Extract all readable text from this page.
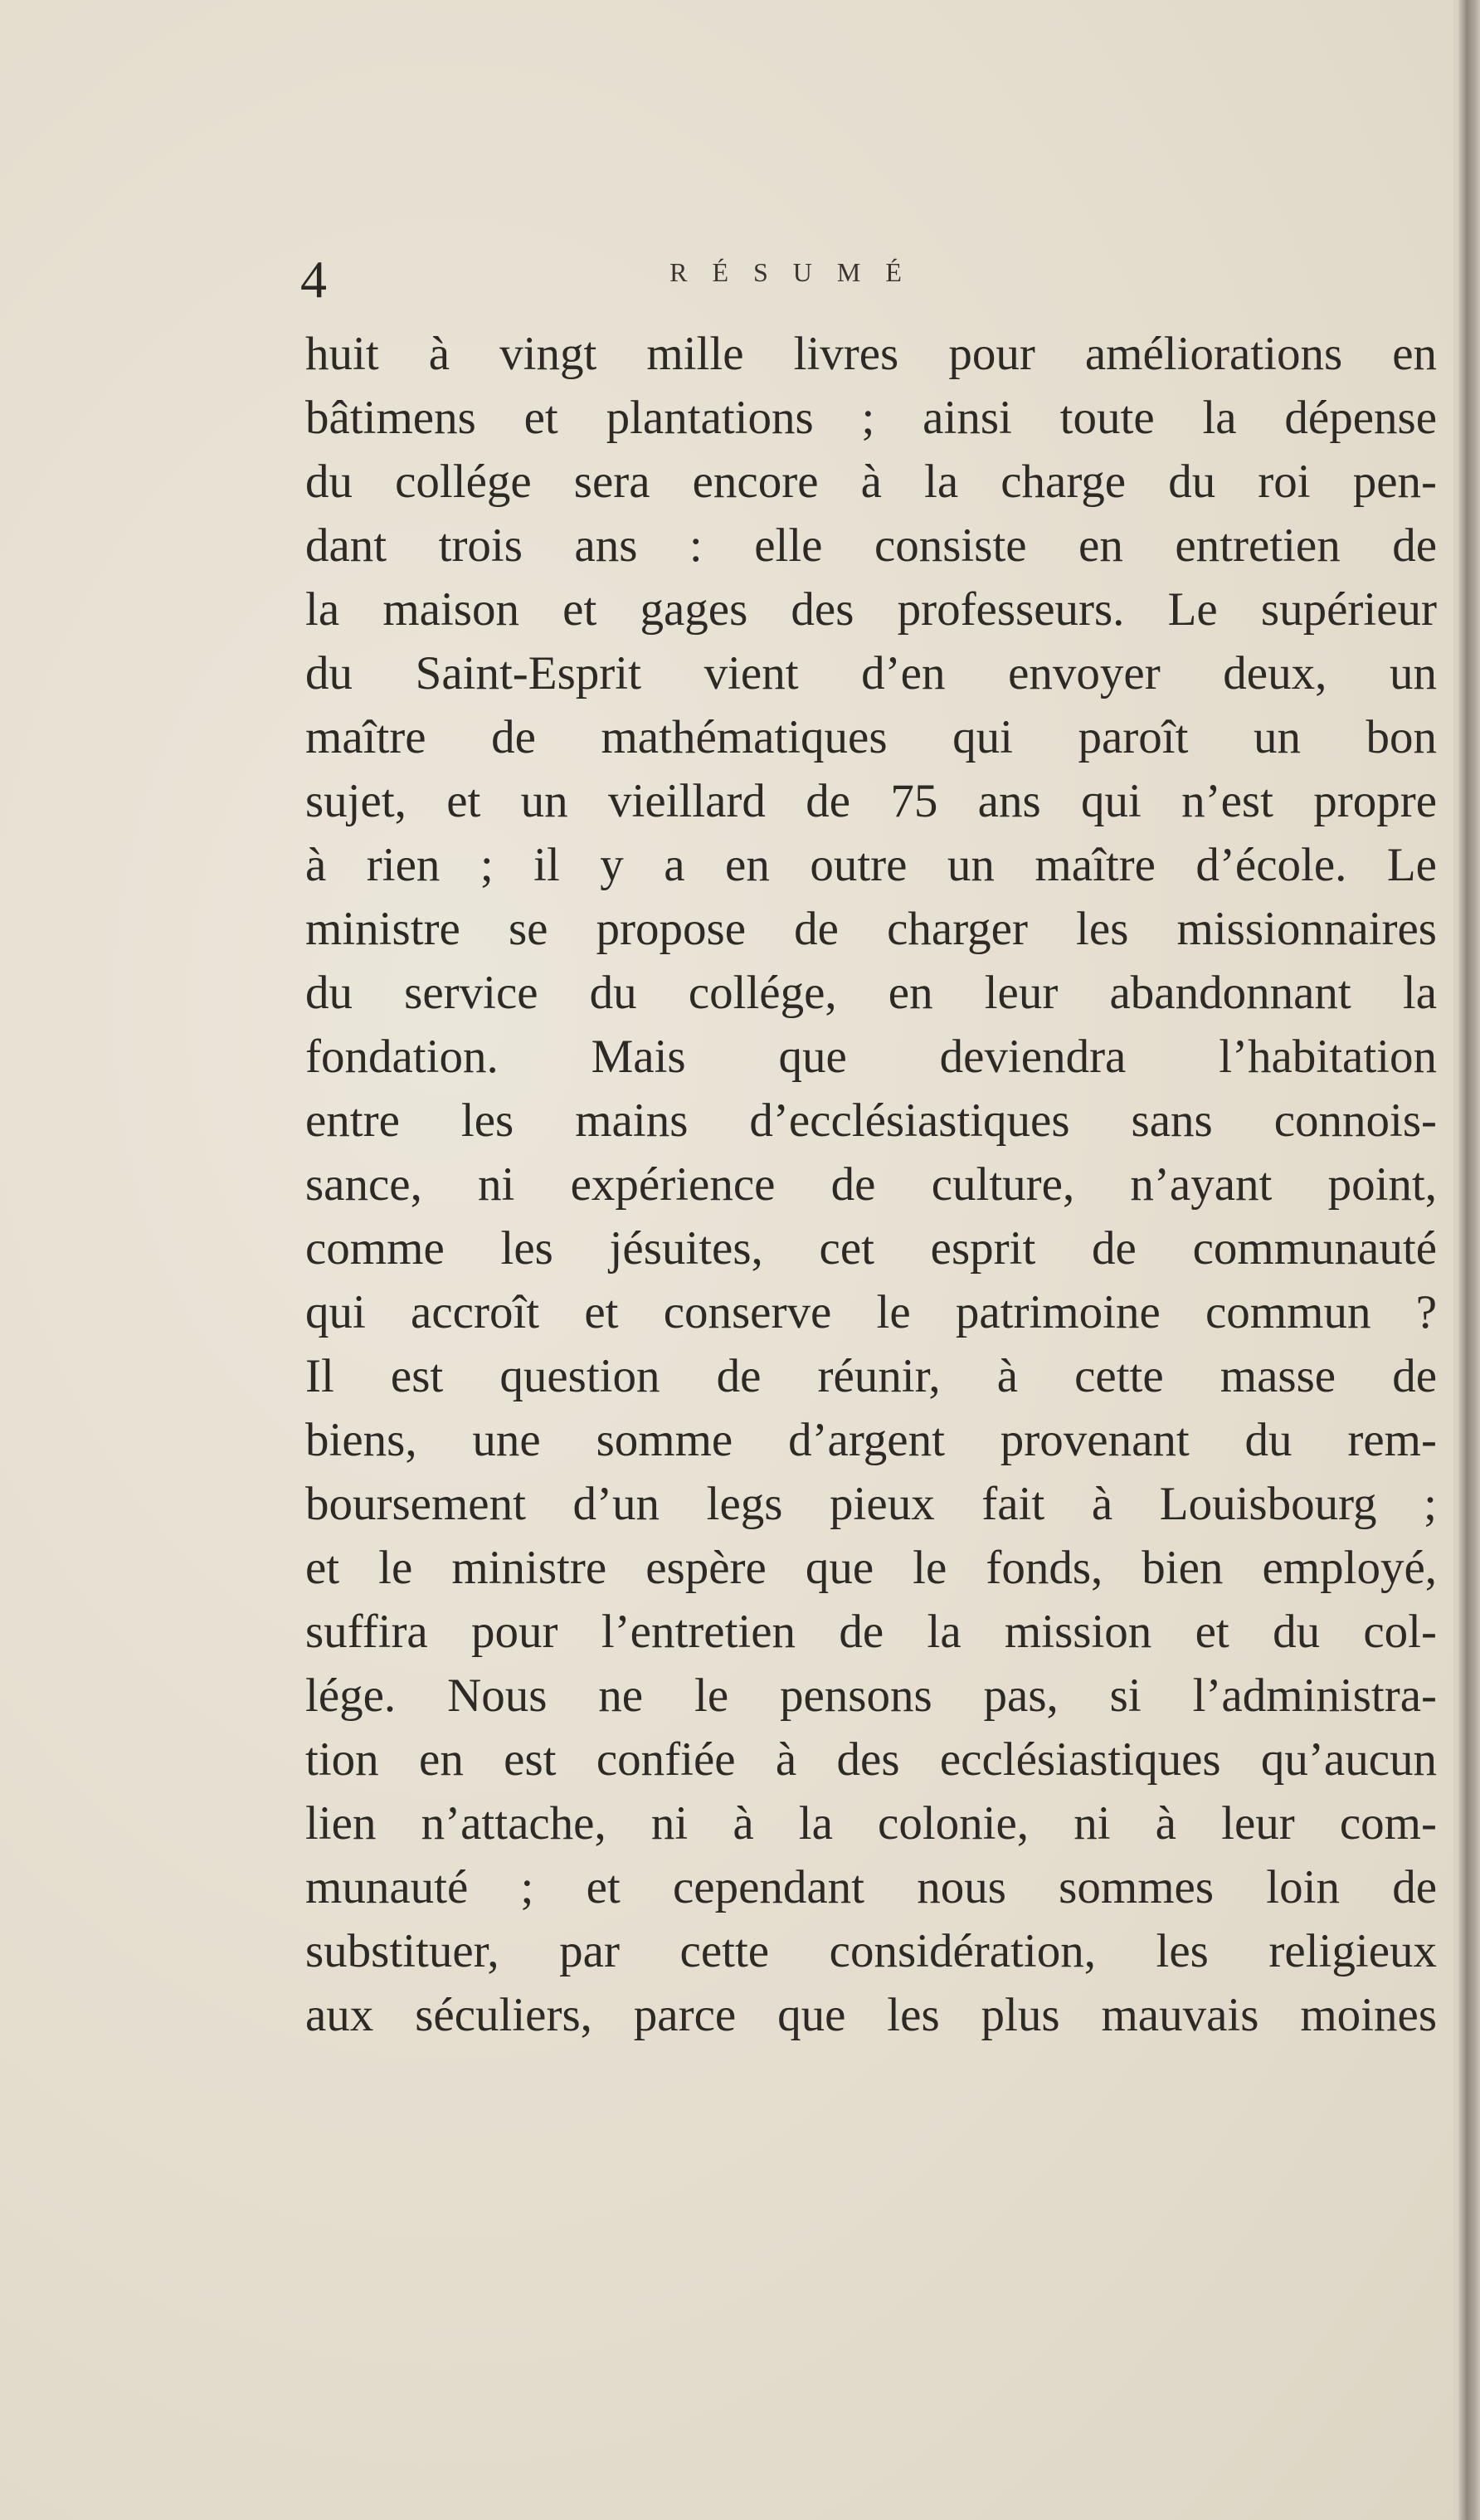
4	RÉSUMÉ
huit à vingt mille livres pour améliorations en
bâtimens et plantations ; ainsi toute la dépense
du collége sera encore à la charge du roi pen-
dant trois ans : elle consiste en entretien de
la maison et gages des professeurs. Le supérieur
du Saint-Esprit vient d’en envoyer deux, un
maître de mathématiques qui paroît un bon
sujet, et un vieillard de 75 ans qui n’est propre
à rien ; il y a en outre un maître d’école. Le
ministre se propose de charger les missionnaires
du service du collége, en leur abandonnant la
fondation. Mais que deviendra l’habitation
entre les mains d’ecclésiastiques sans connois-
sance, ni expérience de culture, n’ayant point,
comme les jésuites, cet esprit de communauté
qui accroît et conserve le patrimoine commun ?
Il est question de réunir, à cette masse de
biens, une somme d’argent provenant du rem-
boursement d’un legs pieux fait à Louisbourg ;
et le ministre espère que le fonds, bien employé,
suffira pour l’entretien de la mission et du col-
lége. Nous ne le pensons pas, si l’administra-
tion en est confiée à des ecclésiastiques qu’aucun
lien n’attache, ni à la colonie, ni à leur com-
munauté ; et cependant nous sommes loin de
substituer, par cette considération, les religieux
aux séculiers, parce que les plus mauvais moines
